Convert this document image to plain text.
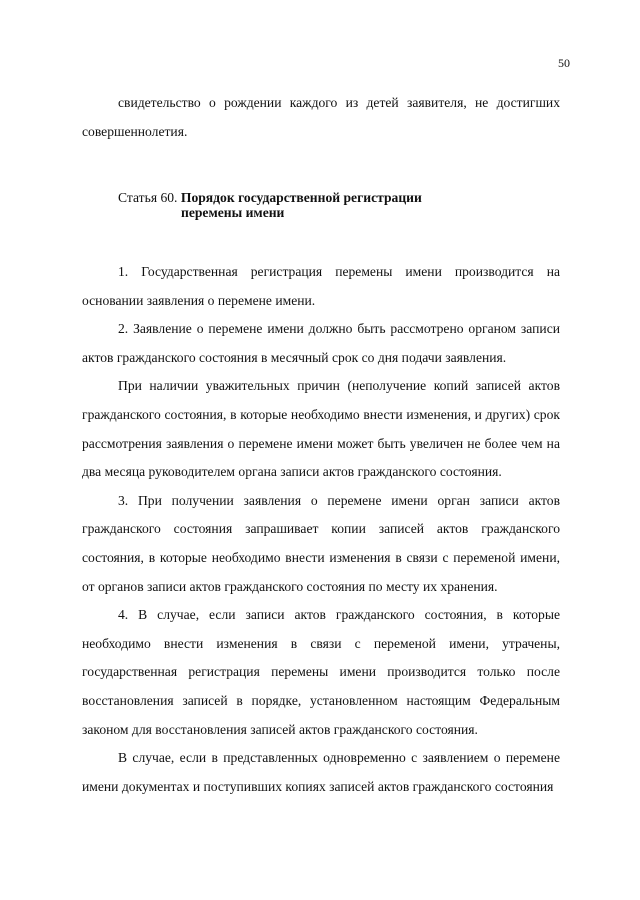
50

свидетельство о рождении каждого из детей заявителя, не достигших совершеннолетия.

Статья 60. Порядок государственной регистрации
перемены имени

1. Государственная регистрация перемены имени производится на основании заявления о перемене имени.

2. Заявление о перемене имени должно быть рассмотрено органом записи актов гражданского состояния в месячный срок со дня подачи заявления.

При наличии уважительных причин (неполучение копий записей актов гражданского состояния, в которые необходимо внести изменения, и других) срок рассмотрения заявления о перемене имени может быть увеличен не более чем на два месяца руководителем органа записи актов гражданского состояния.

3. При получении заявления о перемене имени орган записи актов гражданского состояния запрашивает копии записей актов гражданского состояния, в которые необходимо внести изменения в связи с переменой имени, от органов записи актов гражданского состояния по месту их хранения.

4. В случае, если записи актов гражданского состояния, в которые необходимо внести изменения в связи с переменой имени, утрачены, государственная регистрация перемены имени производится только после восстановления записей в порядке, установленном настоящим Федеральным законом для восстановления записей актов гражданского состояния.

В случае, если в представленных одновременно с заявлением о перемене имени документах и поступивших копиях записей актов гражданского состояния
